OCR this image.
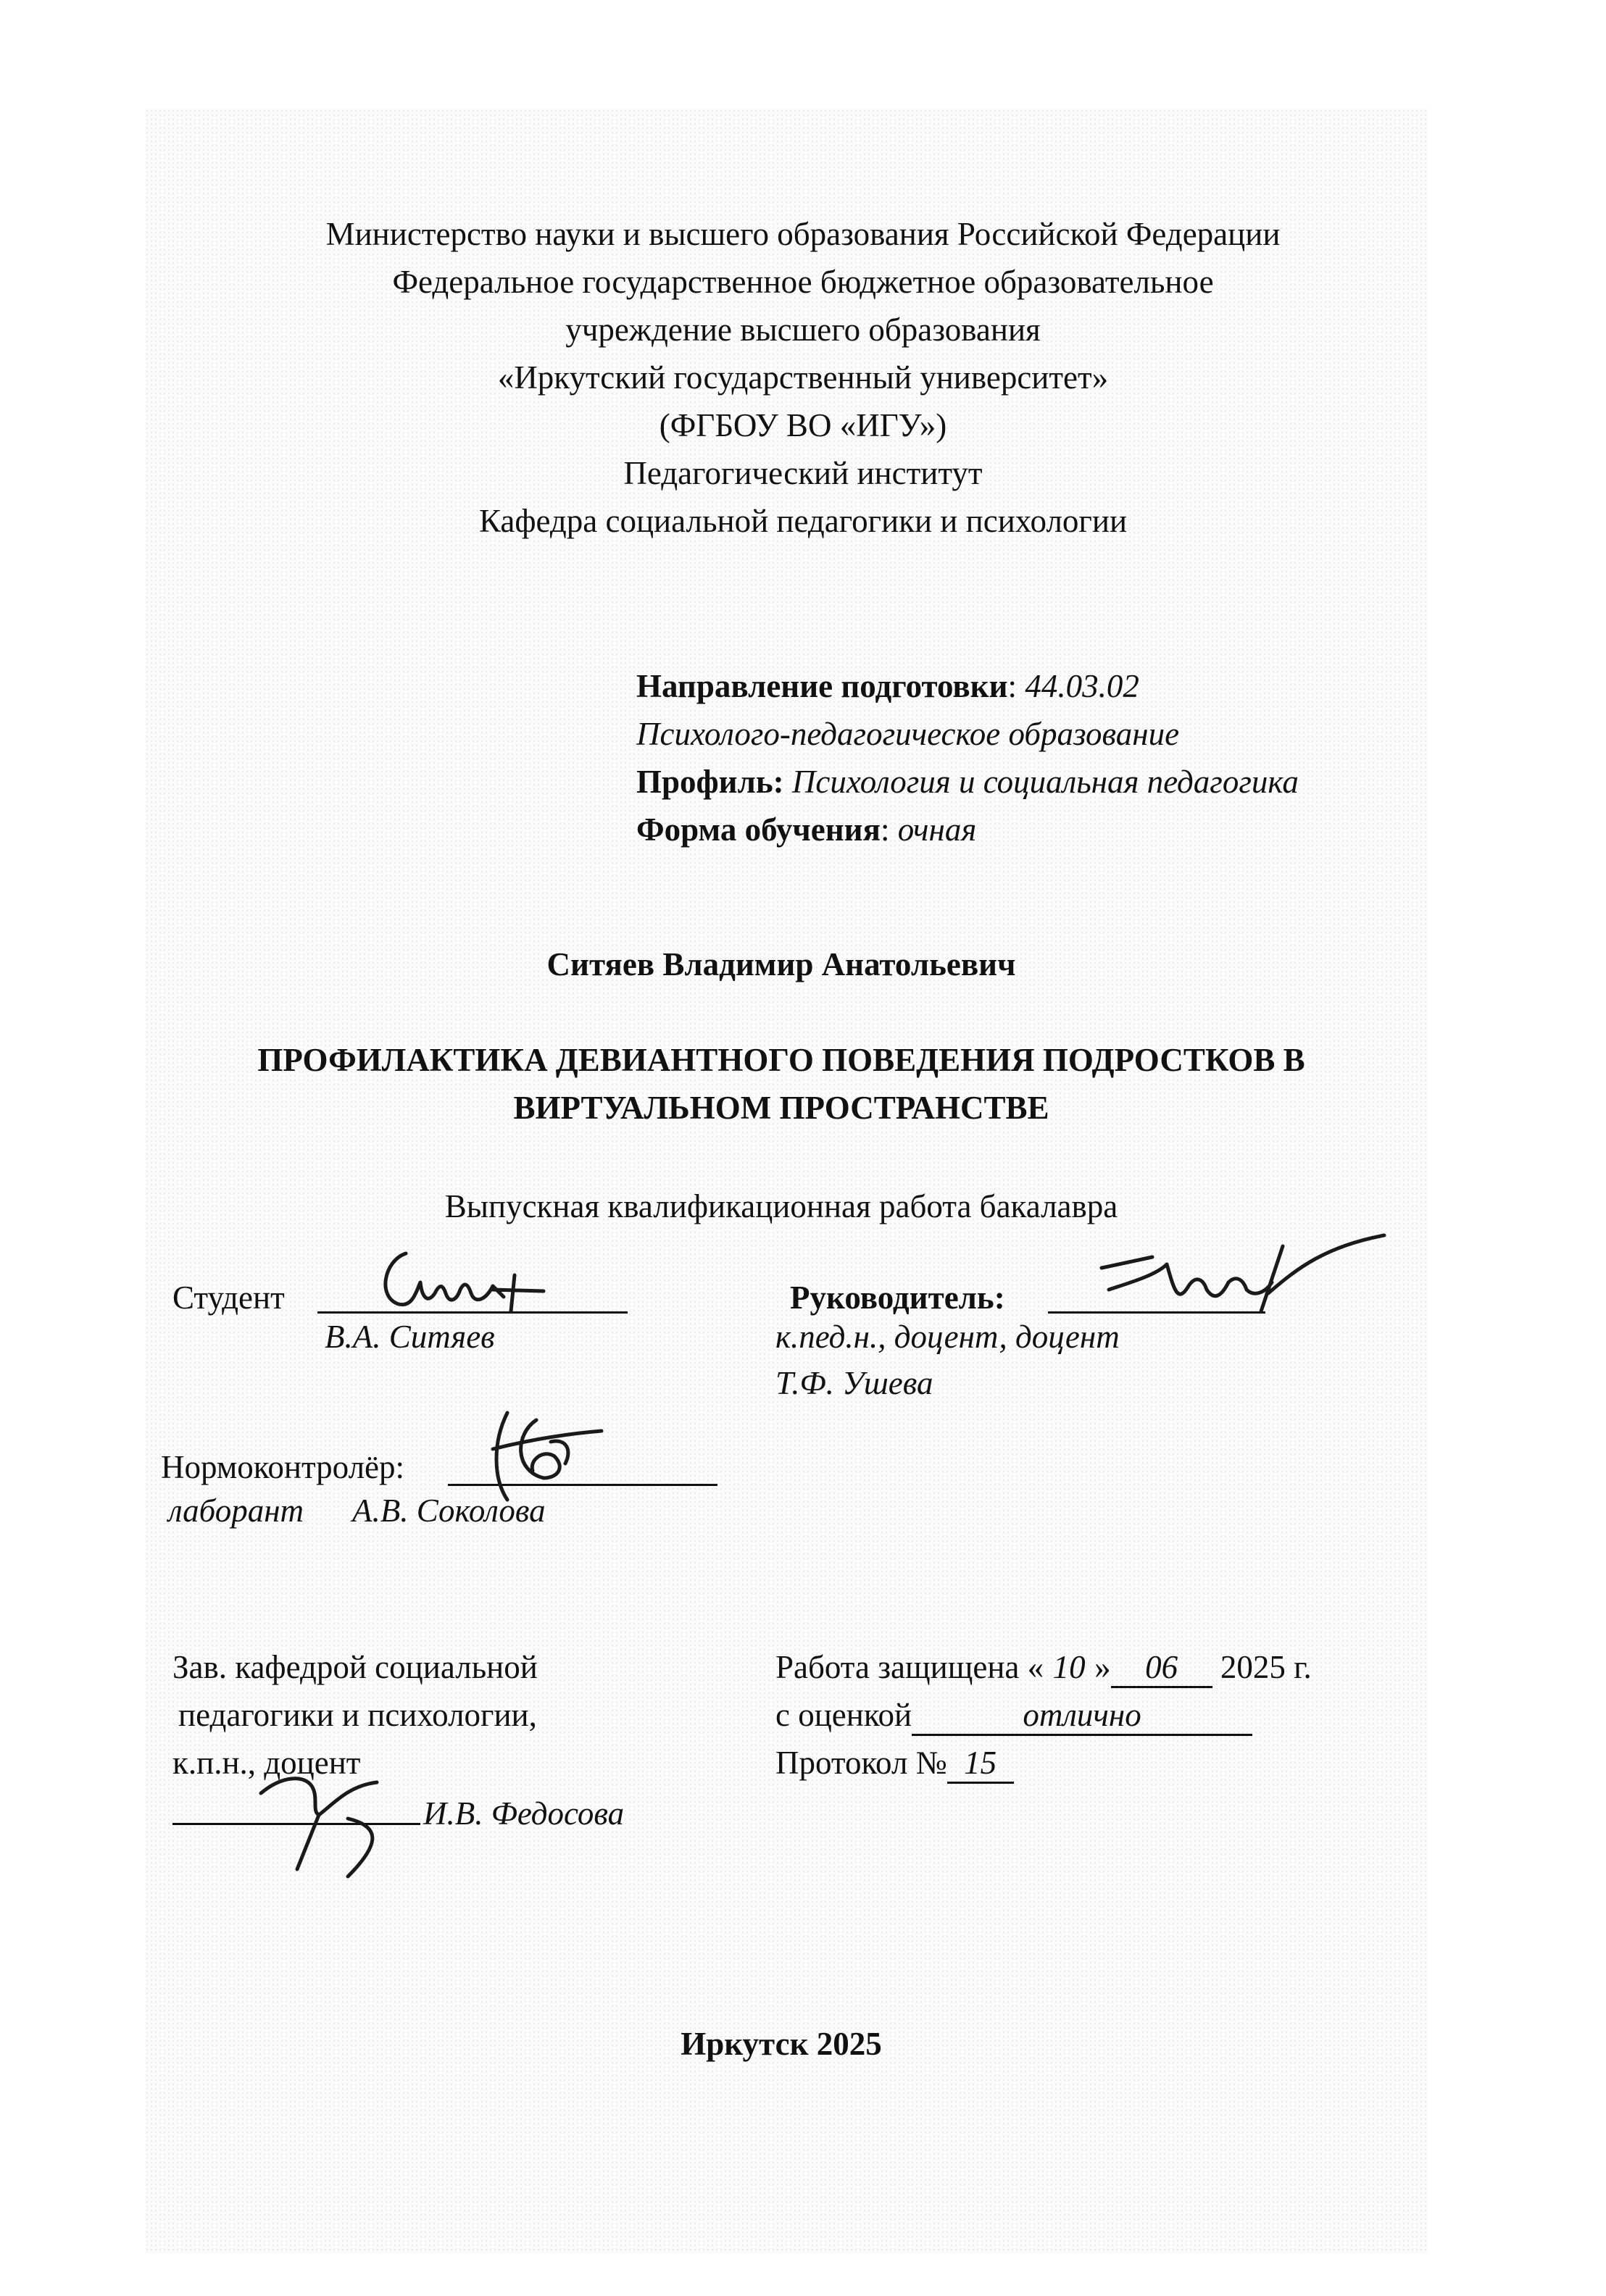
Министерство науки и высшего образования Российской Федерации
Федеральное государственное бюджетное образовательное
учреждение высшего образования
«Иркутский государственный университет»
(ФГБОУ ВО «ИГУ»)
Педагогический институт
Кафедра социальной педагогики и психологии
Направление подготовки: 44.03.02
Психолого-педагогическое образование
Профиль: Психология и социальная педагогика
Форма обучения: очная
Ситяев Владимир Анатольевич
ПРОФИЛАКТИКА ДЕВИАНТНОГО ПОВЕДЕНИЯ ПОДРОСТКОВ В
ВИРТУАЛЬНОМ ПРОСТРАНСТВЕ
Выпускная квалификационная работа бакалавра
Студент
В.А. Ситяев
Руководитель:
к.пед.н., доцент, доцент
Т.Ф. Ушева
Нормоконтролёр:
лаборант А.В. Соколова
Зав. кафедрой социальной
педагогики и психологии,
к.п.н., доцент
И.В. Федосова
Работа защищена « 10 » 06 2025 г.
с оценкой	отлично
Протокол № 15
Иркутск 2025
